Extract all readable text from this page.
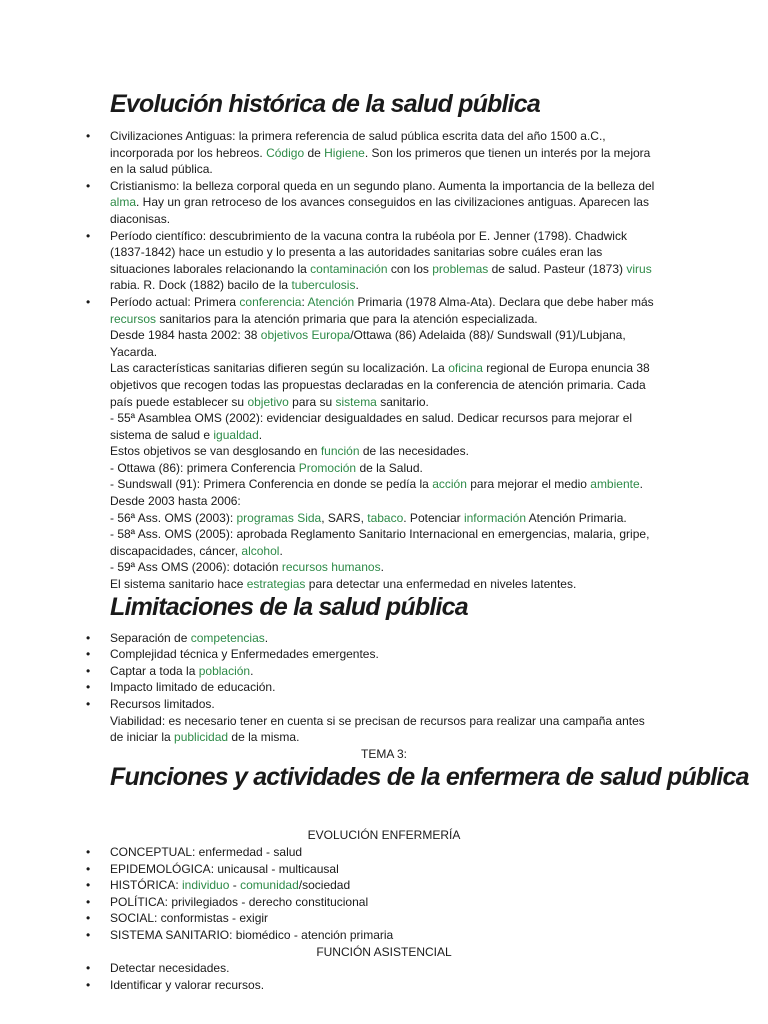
Evolución histórica de la salud pública
• Civilizaciones Antiguas: la primera referencia de salud pública escrita data del año 1500 a.C., incorporada por los hebreos. Código de Higiene. Son los primeros que tienen un interés por la mejora en la salud pública.
• Cristianismo: la belleza corporal queda en un segundo plano. Aumenta la importancia de la belleza del alma. Hay un gran retroceso de los avances conseguidos en las civilizaciones antiguas. Aparecen las diaconisas.
• Período científico: descubrimiento de la vacuna contra la rubéola por E. Jenner (1798). Chadwick (1837-1842) hace un estudio y lo presenta a las autoridades sanitarias sobre cuáles eran las situaciones laborales relacionando la contaminación con los problemas de salud. Pasteur (1873) virus rabia. R. Dock (1882) bacilo de la tuberculosis.
• Período actual: Primera conferencia: Atención Primaria (1978 Alma-Ata). Declara que debe haber más recursos sanitarios para la atención primaria que para la atención especializada.
Desde 1984 hasta 2002: 38 objetivos Europa/Ottawa (86) Adelaida (88)/ Sundswall (91)/Lubjana, Yacarda.
Las características sanitarias difieren según su localización. La oficina regional de Europa enuncia 38 objetivos que recogen todas las propuestas declaradas en la conferencia de atención primaria. Cada país puede establecer su objetivo para su sistema sanitario.
- 55ª Asamblea OMS (2002): evidenciar desigualdades en salud. Dedicar recursos para mejorar el sistema de salud e igualdad.
Estos objetivos se van desglosando en función de las necesidades.
- Ottawa (86): primera Conferencia Promoción de la Salud.
- Sundswall (91): Primera Conferencia en donde se pedía la acción para mejorar el medio ambiente.
Desde 2003 hasta 2006:
- 56ª Ass. OMS (2003): programas Sida, SARS, tabaco. Potenciar información Atención Primaria.
- 58ª Ass. OMS (2005): aprobada Reglamento Sanitario Internacional en emergencias, malaria, gripe, discapacidades, cáncer, alcohol.
- 59ª Ass OMS (2006): dotación recursos humanos.
El sistema sanitario hace estrategias para detectar una enfermedad en niveles latentes.
Limitaciones de la salud pública
• Separación de competencias.
• Complejidad técnica y Enfermedades emergentes.
• Captar a toda la población.
• Impacto limitado de educación.
• Recursos limitados.
Viabilidad: es necesario tener en cuenta si se precisan de recursos para realizar una campaña antes de iniciar la publicidad de la misma.
TEMA 3:
Funciones y actividades de la enfermera de salud pública
EVOLUCIÓN ENFERMERÍA
• CONCEPTUAL: enfermedad - salud
• EPIDEMOLÓGICA: unicausal - multicausal
• HISTÓRICA: individuo - comunidad/sociedad
• POLÍTICA: privilegiados - derecho constitucional
• SOCIAL: conformistas - exigir
• SISTEMA SANITARIO: biomédico - atención primaria
FUNCIÓN ASISTENCIAL
• Detectar necesidades.
• Identificar y valorar recursos.
